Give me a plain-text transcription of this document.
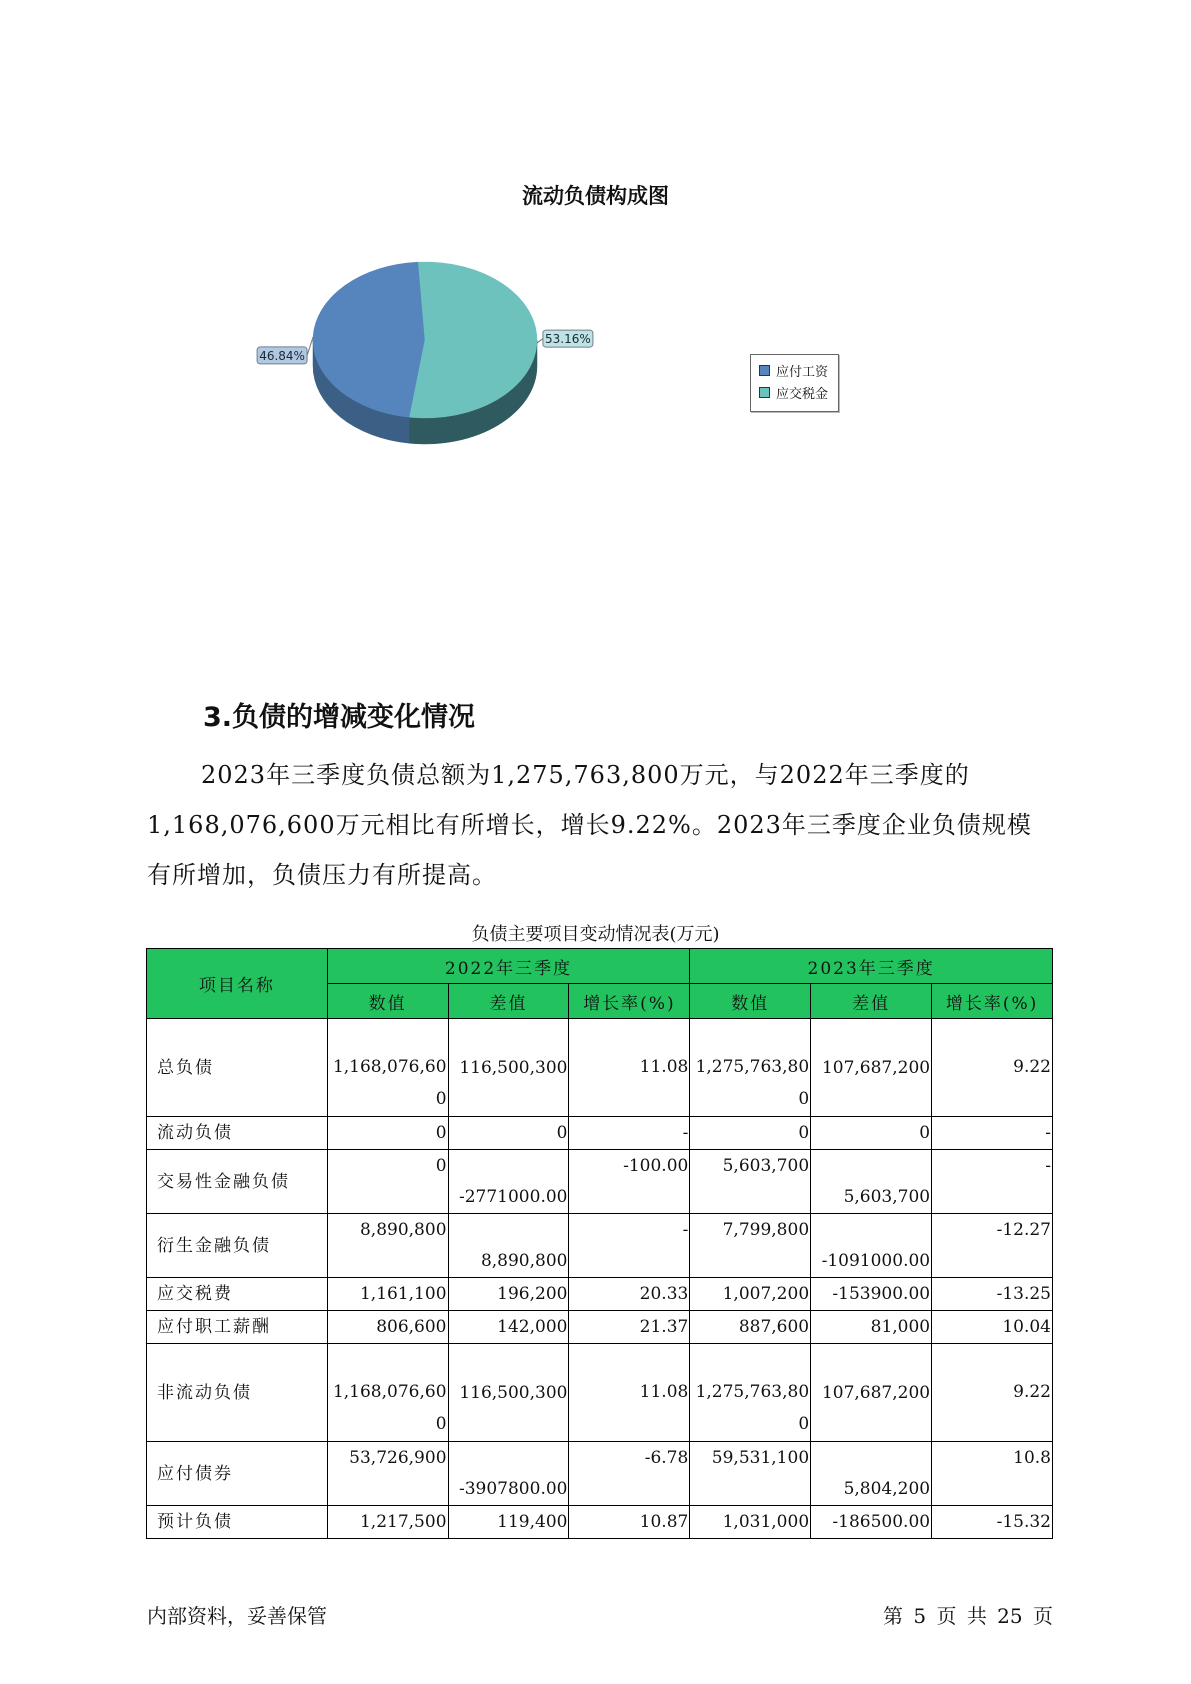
流动负债构成图
46.84%
53.16%
应付工资
应交税金
3.负债的增减变化情况
2023年三季度负债总额为1,275,763,800万元，与2022年三季度的1,168,076,600万元相比有所增长，增长9.22%。2023年三季度企业负债规模有所增加，负债压力有所提高。
负债主要项目变动情况表(万元)
项目名称	2022年三季度			2023年三季度		
	数值	差值	增长率(%)	数值	差值	增长率(%)
总负债	1,168,076,600	116,500,300	11.08	1,275,763,800	107,687,200	9.22
流动负债	0	0	-	0	0	-
交易性金融负债	0	-2771000.00	-100.00	5,603,700	5,603,700	-
衍生金融负债	8,890,800	8,890,800	-	7,799,800	-1091000.00	-12.27
应交税费	1,161,100	196,200	20.33	1,007,200	-153900.00	-13.25
应付职工薪酬	806,600	142,000	21.37	887,600	81,000	10.04
非流动负债	1,168,076,600	116,500,300	11.08	1,275,763,800	107,687,200	9.22
应付债券	53,726,900	-3907800.00	-6.78	59,531,100	5,804,200	10.8
预计负债	1,217,500	119,400	10.87	1,031,000	-186500.00	-15.32
内部资料，妥善保管	第 5 页 共 25 页
